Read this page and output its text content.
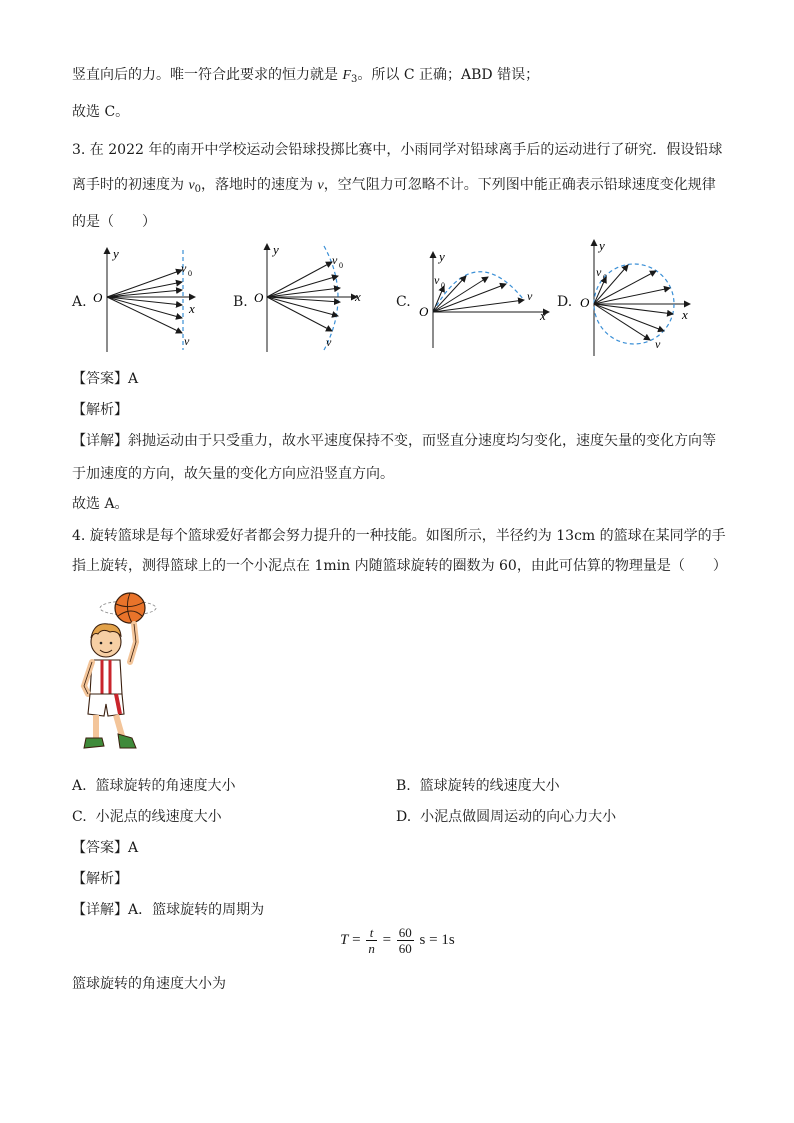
竖直向后的力。唯一符合此要求的恒力就是 $F_3$。所以 C 正确；ABD 错误；
故选 C。
3. 在 2022 年的南开中学校运动会铅球投掷比赛中，小雨同学对铅球离手后的运动进行了研究．假设铅球
离手时的初速度为 $v_0$，落地时的速度为 v，空气阻力可忽略不计。下列图中能正确表示铅球速度变化规律
的是（　　）
A.	B.	C.	D.
y
O
x
v 0
v
y
O	x
v 0
v
y
O	x
v 0
v
y
O
x
v 0
v
【答案】A
【解析】
【详解】斜抛运动由于只受重力，故水平速度保持不变，而竖直分速度均匀变化，速度矢量的变化方向等
于加速度的方向，故矢量的变化方向应沿竖直方向。
故选 A。
4. 旋转篮球是每个篮球爱好者都会努力提升的一种技能。如图所示，半径约为 13cm 的篮球在某同学的手
指上旋转，测得篮球上的一个小泥点在 1min 内随篮球旋转的圈数为 60，由此可估算的物理量是（　　）
A. 篮球旋转的角速度大小	B. 篮球旋转的线速度大小
C. 小泥点的线速度大小	D. 小泥点做圆周运动的向心力大小
【答案】A
【解析】
【详解】A．篮球旋转的周期为
$T = \frac{t}{n} = \frac{60}{60}$ s = 1s
篮球旋转的角速度大小为
